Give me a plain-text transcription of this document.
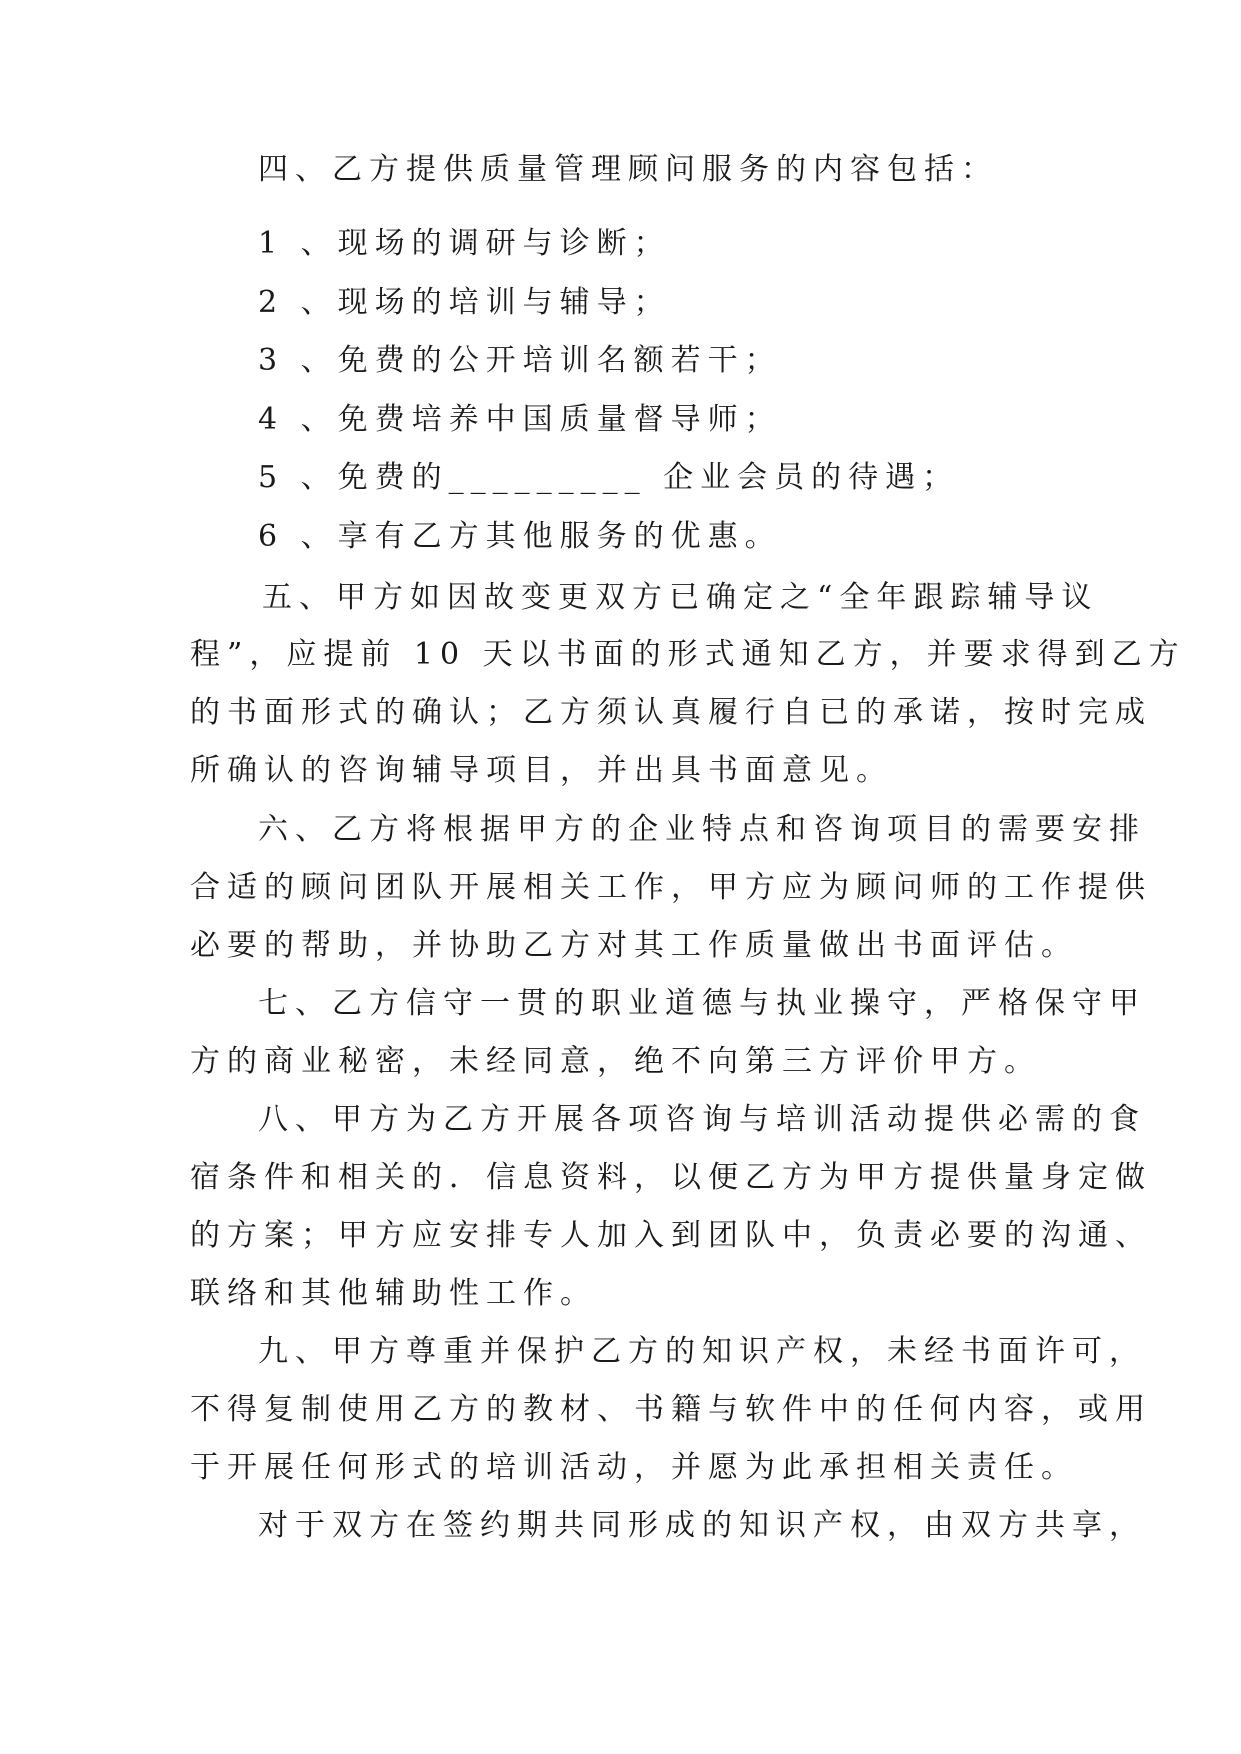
四、乙方提供质量管理顾问服务的内容包括：

1 、现场的调研与诊断；

2 、现场的培训与辅导；

3 、免费的公开培训名额若干；

4 、免费培养中国质量督导师；

5 、免费的_________ 企业会员的待遇；

6 、享有乙方其他服务的优惠。

五、甲方如因故变更双方已确定之“全年跟踪辅导议

程”，应提前 10 天以书面的形式通知乙方，并要求得到乙方

的书面形式的确认；乙方须认真履行自已的承诺，按时完成

所确认的咨询辅导项目，并出具书面意见。

六、乙方将根据甲方的企业特点和咨询项目的需要安排

合适的顾问团队开展相关工作，甲方应为顾问师的工作提供

必要的帮助，并协助乙方对其工作质量做出书面评估。

七、乙方信守一贯的职业道德与执业操守，严格保守甲

方的商业秘密，未经同意，绝不向第三方评价甲方。

八、甲方为乙方开展各项咨询与培训活动提供必需的食

宿条件和相关的．信息资料，以便乙方为甲方提供量身定做

的方案；甲方应安排专人加入到团队中，负责必要的沟通、

联络和其他辅助性工作。

九、甲方尊重并保护乙方的知识产权，未经书面许可，

不得复制使用乙方的教材、书籍与软件中的任何内容，或用

于开展任何形式的培训活动，并愿为此承担相关责任。

对于双方在签约期共同形成的知识产权，由双方共享，
